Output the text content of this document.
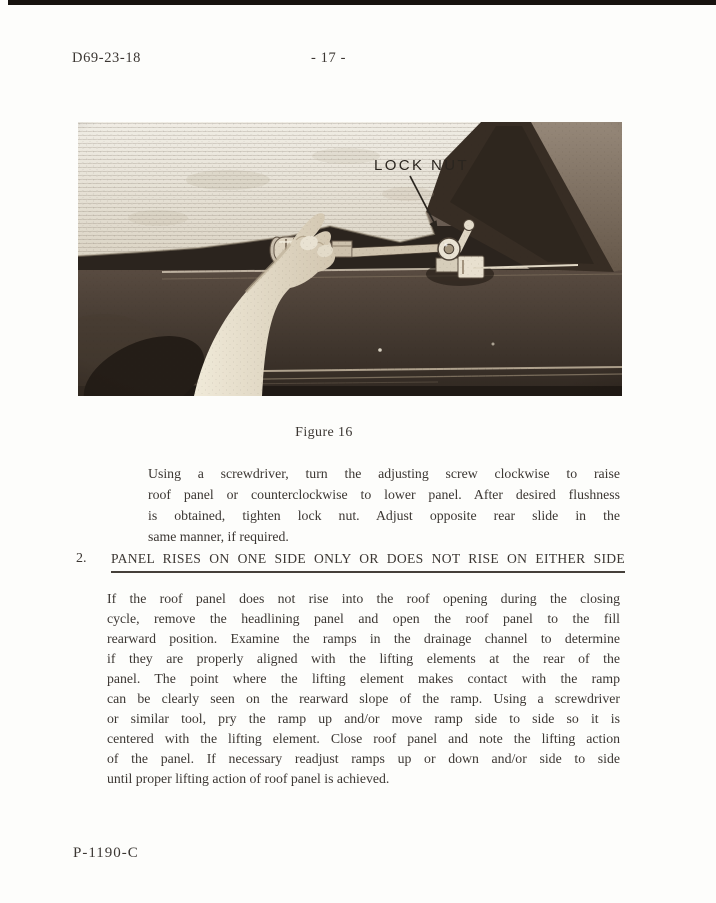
D69-23-18	- 17 -
Figure 16
Using a screwdriver, turn the adjusting screw clockwise to raise
roof panel or counterclockwise to lower panel. After desired flushness
is obtained, tighten lock nut. Adjust opposite rear slide in the
same manner, if required.
2. PANEL RISES ON ONE SIDE ONLY OR DOES NOT RISE ON EITHER SIDE
If the roof panel does not rise into the roof opening during the closing
cycle, remove the headlining panel and open the roof panel to the fill
rearward position. Examine the ramps in the drainage channel to determine
if they are properly aligned with the lifting elements at the rear of the
panel. The point where the lifting element makes contact with the ramp
can be clearly seen on the rearward slope of the ramp. Using a screwdriver
or similar tool, pry the ramp up and/or move ramp side to side so it is
centered with the lifting element. Close roof panel and note the lifting action
of the panel. If necessary readjust ramps up or down and/or side to side
until proper lifting action of roof panel is achieved.
P-1190-C
